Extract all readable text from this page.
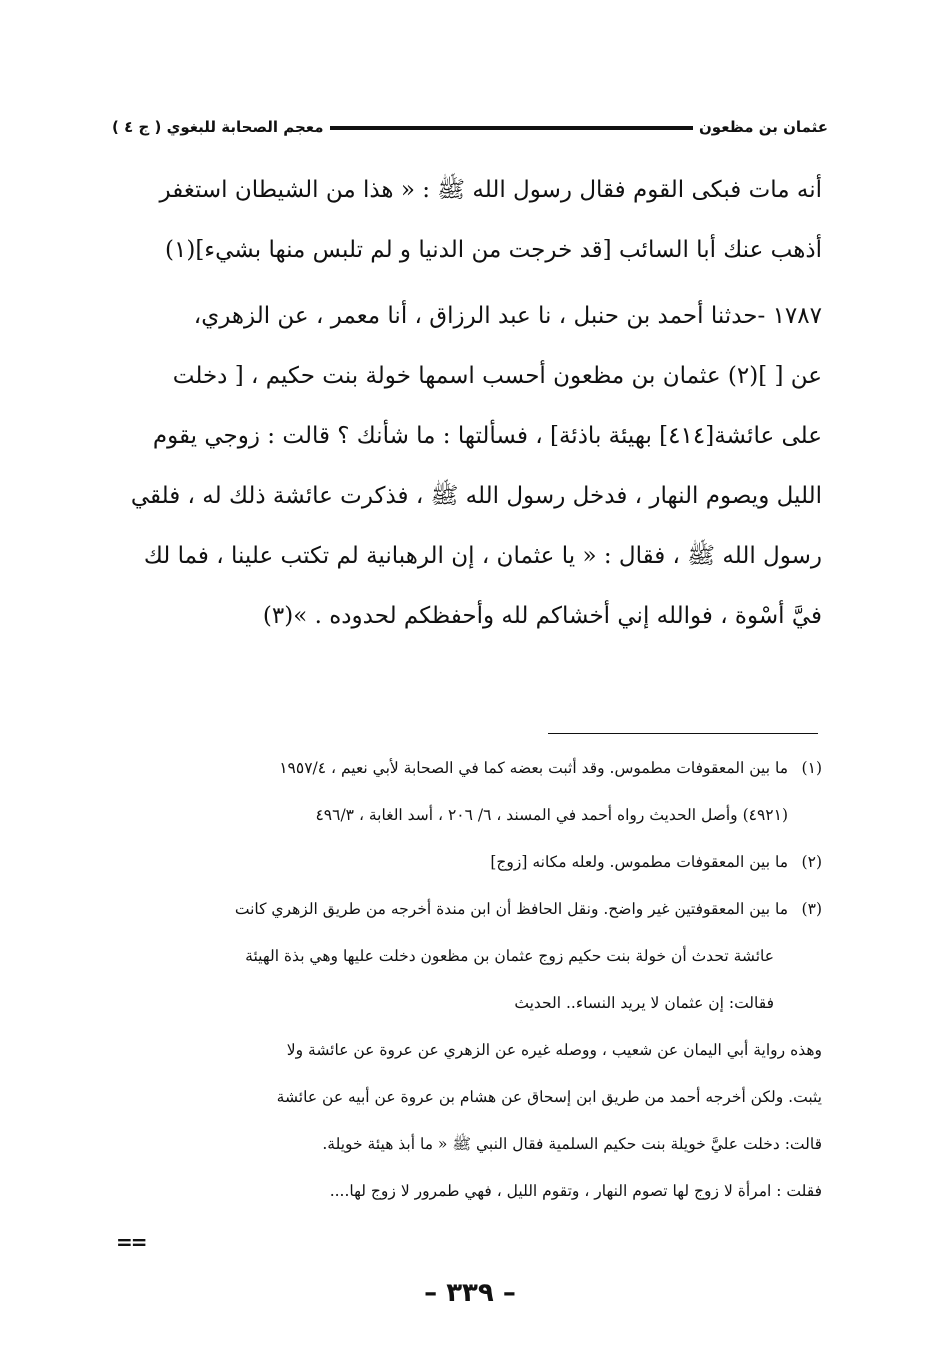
عثمان بن مظعون
معجم الصحابة للبغوي ( ج ٤ )

أنه مات فبكى القوم فقال رسول الله ﷺ : « هذا من الشيطان استغفر

أذهب عنك أبا السائب [قد خرجت من الدنيا و لم تلبس منها بشيء](١)

١٧٨٧ -حدثنا أحمد بن حنبل ، نا عبد الرزاق ، أنا معمر ، عن الزهري،

عن [ ](٢) عثمان بن مظعون أحسب اسمها خولة بنت حكيم ، [ دخلت

على عائشة[٤١٤] بهيئة باذئة] ، فسألتها : ما شأنك ؟ قالت : زوجي يقوم

الليل ويصوم النهار ، فدخل رسول الله ﷺ ، فذكرت عائشة ذلك له ، فلقي

رسول الله ﷺ ، فقال : « يا عثمان ، إن الرهبانية لم تكتب علينا ، فما لك

فيَّ أسْوة ، فوالله إني أخشاكم لله وأحفظكم لحدوده . »(٣)

(١)
ما بين المعقوفات مطموس. وقد أثبت بعضه كما في الصحابة لأبي نعيم ، ١٩٥٧/٤
(٤٩٢١) وأصل الحديث رواه أحمد في المسند ، ٦/ ٢٠٦ ، أسد الغابة ، ٤٩٦/٣
(٢)
ما بين المعقوفات مطموس. ولعله مكانه [زوج]
(٣)
ما بين المعقوفتين غير واضح. ونقل الحافظ أن ابن مندة أخرجه من طريق الزهري كانت
عائشة تحدث أن خولة بنت حكيم زوج عثمان بن مظعون دخلت عليها وهي بذة الهيئة
فقالت: إن عثمان لا يريد النساء.. الحديث
وهذه رواية أبي اليمان عن شعيب ، ووصله غيره عن الزهري عن عروة عن عائشة ولا
يثبت. ولكن أخرجه أحمد من طريق ابن إسحاق عن هشام بن عروة عن أبيه عن عائشة
قالت: دخلت عليَّ خويلة بنت حكيم السلمية فقال النبي ﷺ « ما أبذ هيئة خويلة.
فقلت : امرأة لا زوج لها تصوم النهار ، وتقوم الليل ، فهي طمرور لا زوج لها....
==
– ٣٣٩ –
